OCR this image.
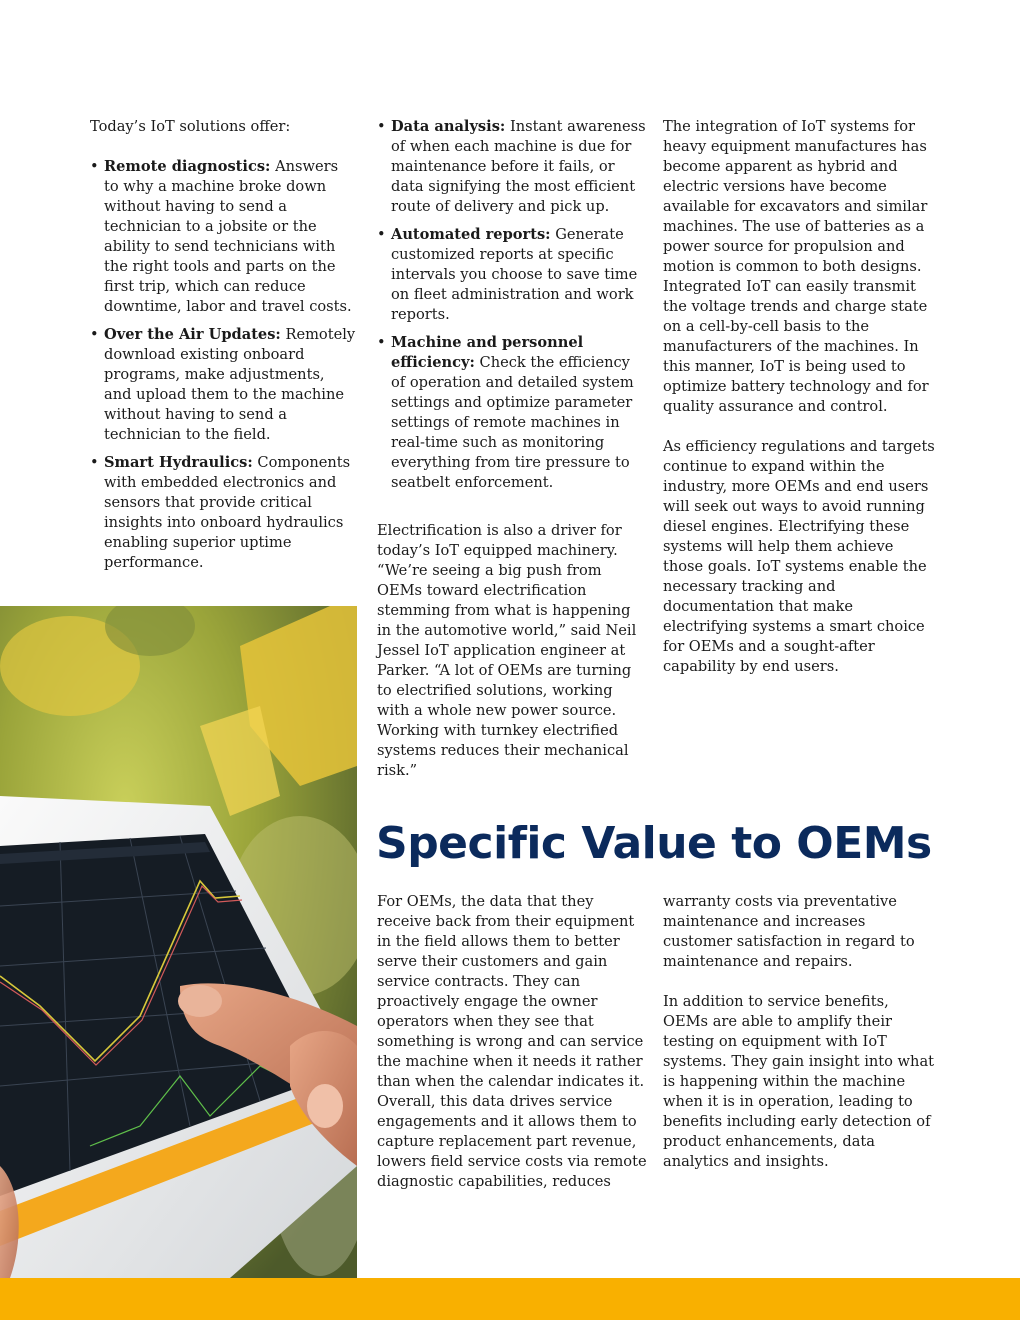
Today’s IoT solutions offer:

• Remote diagnostics: Answers to why a machine broke down without having to send a technician to a jobsite or the ability to send technicians with the right tools and parts on the first trip, which can reduce downtime, labor and travel costs.
• Over the Air Updates: Remotely download existing onboard programs, make adjustments, and upload them to the machine without having to send a technician to the field.
• Smart Hydraulics: Components with embedded electronics and sensors that provide critical insights into onboard hydraulics enabling superior uptime performance.
• Data analysis: Instant awareness of when each machine is due for maintenance before it fails, or data signifying the most efficient route of delivery and pick up.
• Automated reports: Generate customized reports at specific intervals you choose to save time on fleet administration and work reports.
• Machine and personnel efficiency: Check the efficiency of operation and detailed system settings and optimize parameter settings of remote machines in real-time such as monitoring everything from tire pressure to seatbelt enforcement.

Electrification is also a driver for today’s IoT equipped machinery. “We’re seeing a big push from OEMs toward electrification stemming from what is happening in the automotive world,” said Neil Jessel IoT application engineer at Parker. “A lot of OEMs are turning to electrified solutions, working with a whole new power source. Working with turnkey electrified systems reduces their mechanical risk.”

The integration of IoT systems for heavy equipment manufactures has become apparent as hybrid and electric versions have become available for excavators and similar machines. The use of batteries as a power source for propulsion and motion is common to both designs. Integrated IoT can easily transmit the voltage trends and charge state on a cell-by-cell basis to the manufacturers of the machines. In this manner, IoT is being used to optimize battery technology and for quality assurance and control.

As efficiency regulations and targets continue to expand within the industry, more OEMs and end users will seek out ways to avoid running diesel engines. Electrifying these systems will help them achieve those goals. IoT systems enable the necessary tracking and documentation that make electrifying systems a smart choice for OEMs and a sought-after capability by end users.

Specific Value to OEMs

For OEMs, the data that they receive back from their equipment in the field allows them to better serve their customers and gain service contracts. They can proactively engage the owner operators when they see that something is wrong and can service the machine when it needs it rather than when the calendar indicates it. Overall, this data drives service engagements and it allows them to capture replacement part revenue, lowers field service costs via remote diagnostic capabilities, reduces

warranty costs via preventative maintenance and increases customer satisfaction in regard to maintenance and repairs.

In addition to service benefits, OEMs are able to amplify their testing on equipment with IoT systems. They gain insight into what is happening within the machine when it is in operation, leading to benefits including early detection of product enhancements, data analytics and insights.
